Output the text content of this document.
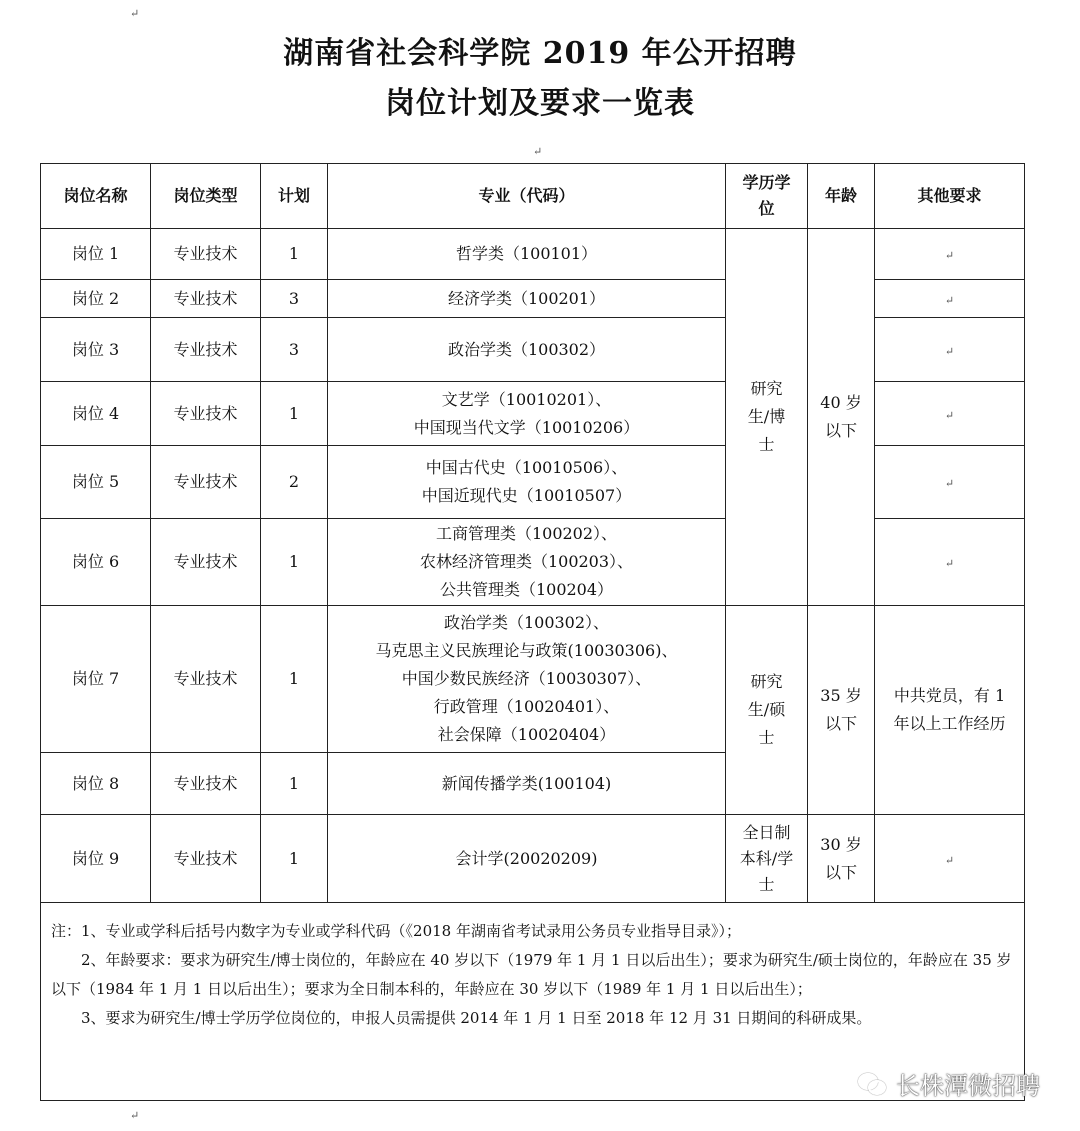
↵
湖南省社会科学院 2019 年公开招聘
岗位计划及要求一览表
↵
岗位名称	岗位类型	计划	专业（代码）	学历学位	年龄	其他要求
岗位 1	专业技术	1	哲学类（100101）	研究生/博士	40 岁以下	↵
岗位 2	专业技术	3	经济学类（100201）			↵
岗位 3	专业技术	3	政治学类（100302）			↵
岗位 4	专业技术	1	文艺学（10010201）、
中国现当代文学（10010206）			↵
岗位 5	专业技术	2	中国古代史（10010506）、
中国近现代史（10010507）			↵
岗位 6	专业技术	1	工商管理类（100202）、
农林经济管理类（100203）、
公共管理类（100204）			↵
岗位 7	专业技术	1	政治学类（100302）、
马克思主义民族理论与政策(10030306)、
中国少数民族经济（10030307）、
行政管理（10020401）、
社会保障（10020404）	研究生/硕士	35 岁以下	中共党员，有 1 年以上工作经历
岗位 8	专业技术	1	新闻传播学类(100104)			

岗位 9	专业技术	1	会计学(20020209)	全日制本科/学士	30 岁以下	↵

注：1、专业或学科后括号内数字为专业或学科代码（《2018 年湖南省考试录用公务员专业指导目录》）；
2、年龄要求：要求为研究生/博士岗位的，年龄应在 40 岁以下（1979 年 1 月 1 日以后出生）；要求为研究生/硕士岗位的，年龄应在 35 岁以下（1984 年 1 月 1 日以后出生）；要求为全日制本科的，年龄应在 30 岁以下（1989 年 1 月 1 日以后出生）；
3、要求为研究生/博士学历学位岗位的，申报人员需提供 2014 年 1 月 1 日至 2018 年 12 月 31 日期间的科研成果。						
长株潭微招聘
↵
